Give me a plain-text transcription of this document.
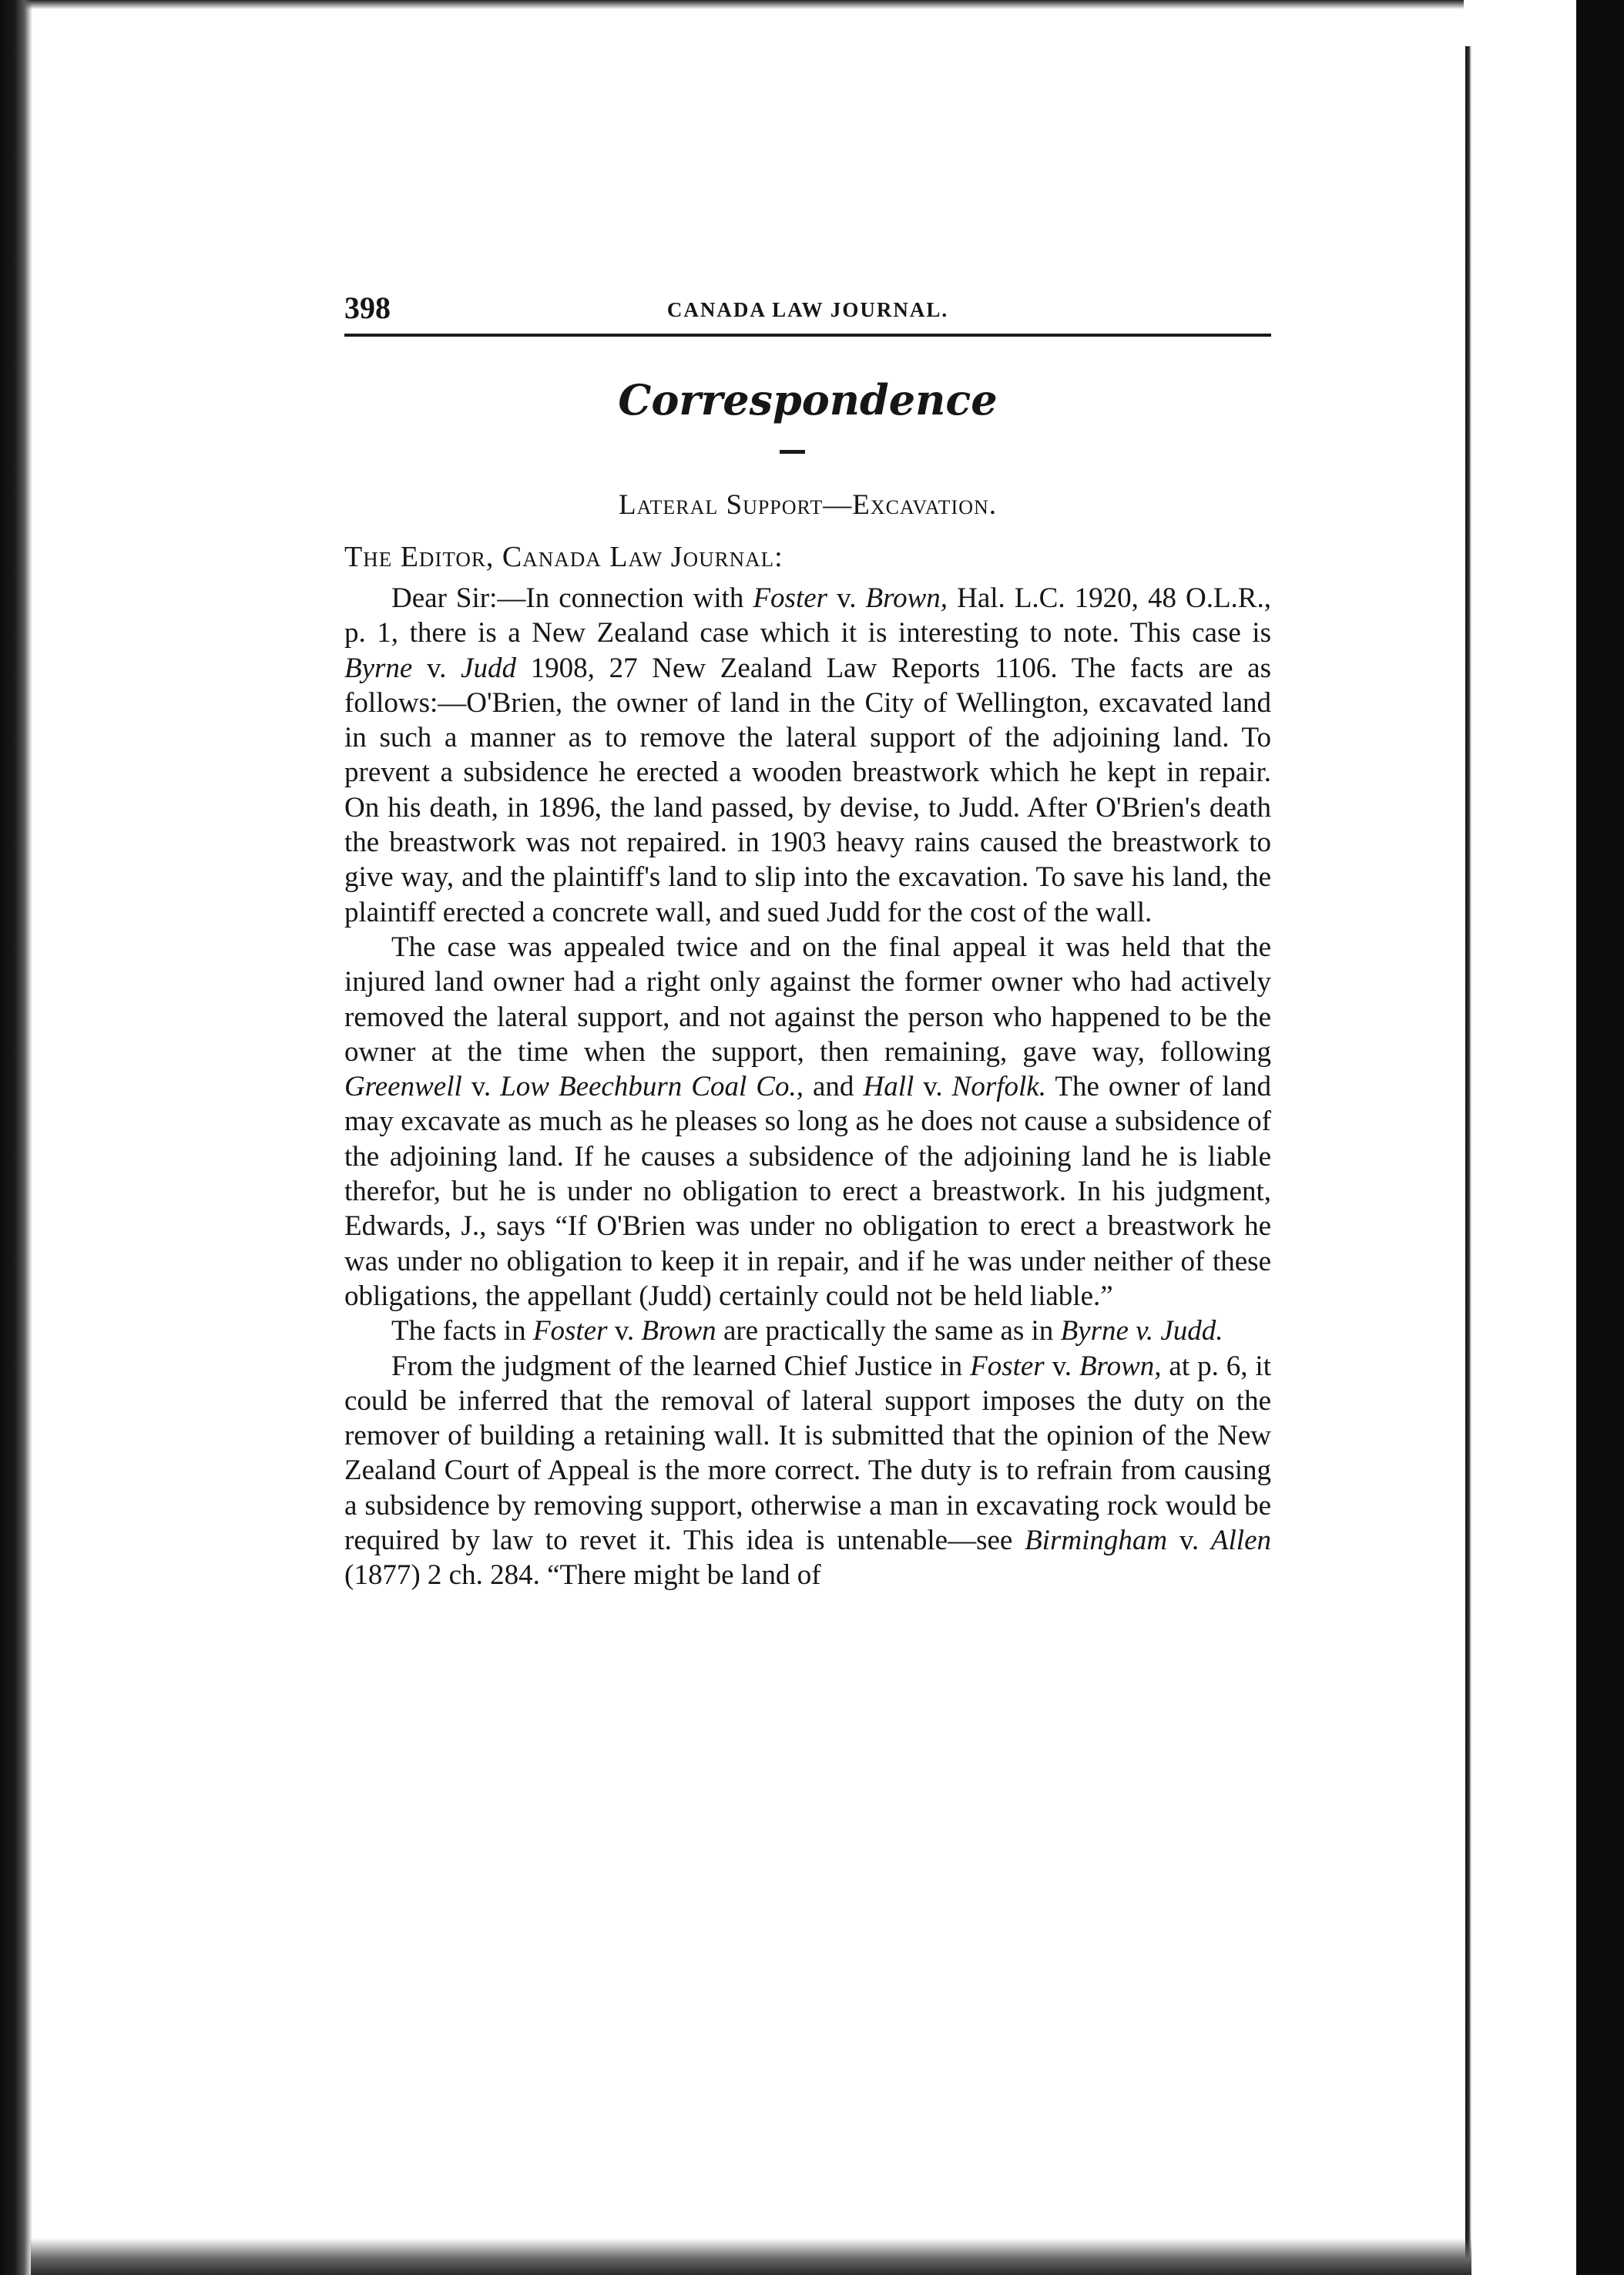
398	CANADA LAW JOURNAL.
Correspondence
Lateral Support—Excavation.
The Editor, Canada Law Journal:

Dear Sir:—In connection with Foster v. Brown, Hal. L.C. 1920, 48 O.L.R., p. 1, there is a New Zealand case which it is interesting to note. This case is Byrne v. Judd 1908, 27 New Zealand Law Reports 1106. The facts are as follows:—O'Brien, the owner of land in the City of Wellington, excavated land in such a manner as to remove the lateral support of the adjoining land. To prevent a subsidence he erected a wooden breastwork which he kept in repair. On his death, in 1896, the land passed, by devise, to Judd. After O'Brien's death the breastwork was not repaired. in 1903 heavy rains caused the breastwork to give way, and the plaintiff's land to slip into the excavation. To save his land, the plaintiff erected a concrete wall, and sued Judd for the cost of the wall.

The case was appealed twice and on the final appeal it was held that the injured land owner had a right only against the former owner who had actively removed the lateral support, and not against the person who happened to be the owner at the time when the support, then remaining, gave way, following Greenwell v. Low Beechburn Coal Co., and Hall v. Norfolk. The owner of land may excavate as much as he pleases so long as he does not cause a subsidence of the adjoining land. If he causes a subsidence of the adjoining land he is liable therefor, but he is under no obligation to erect a breastwork. In his judgment, Edwards, J., says “If O'Brien was under no obligation to erect a breastwork he was under no obligation to keep it in repair, and if he was under neither of these obligations, the appellant (Judd) certainly could not be held liable.”

The facts in Foster v. Brown are practically the same as in Byrne v. Judd.

From the judgment of the learned Chief Justice in Foster v. Brown, at p. 6, it could be inferred that the removal of lateral support imposes the duty on the remover of building a retaining wall. It is submitted that the opinion of the New Zealand Court of Appeal is the more correct. The duty is to refrain from causing a subsidence by removing support, otherwise a man in excavating rock would be required by law to revet it. This idea is untenable—see Birmingham v. Allen (1877) 2 ch. 284. “There might be land of
